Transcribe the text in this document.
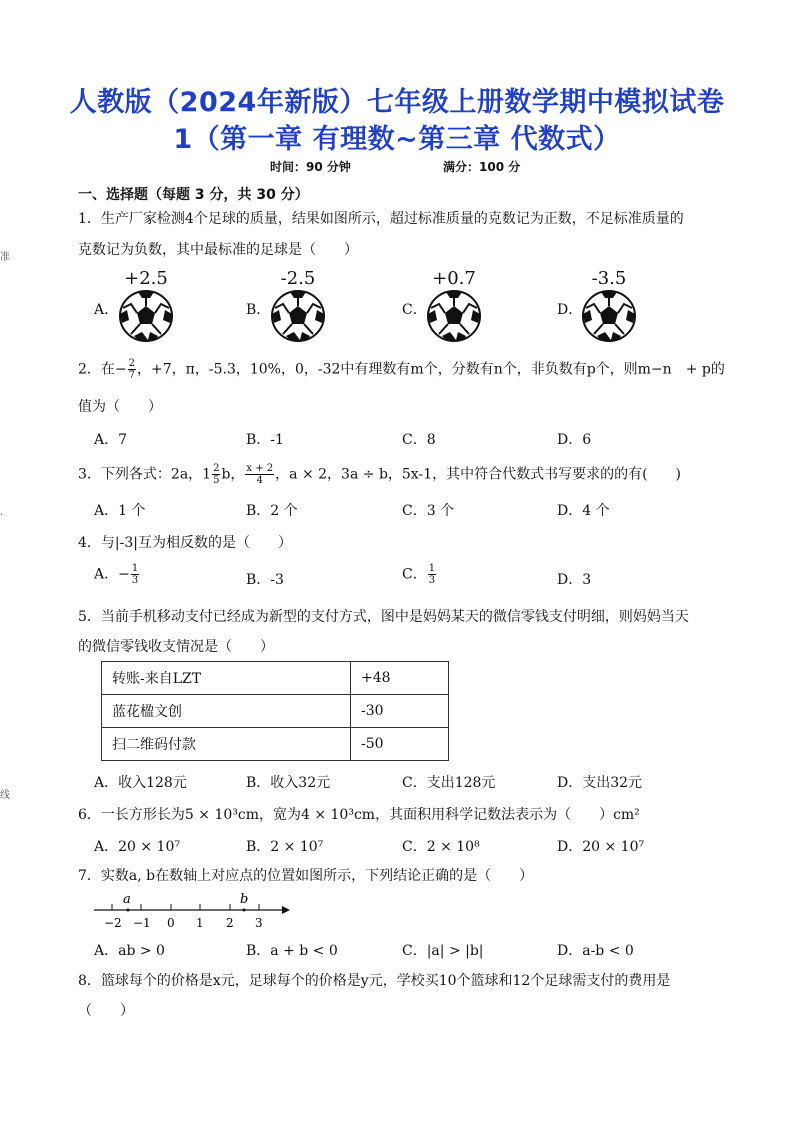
准
·
线
人教版（2024年新版）七年级上册数学期中模拟试卷
1（第一章 有理数~第三章 代数式）
时间：90 分钟	满分：100 分
一、选择题（每题 3 分，共 30 分）
1．生产厂家检测4个足球的质量，结果如图所示，超过标准质量的克数记为正数，不足标准质量的
克数记为负数，其中最标准的足球是（　　）
A．
+2.5
B．
-2.5
C．
+0.7
D．
-3.5
2．在− $\frac{2}{7}$ ，+7，π，-5.3，10%，0，-32中有理数有m个，分数有n个，非负数有p个，则m−n　+ p的
值为（　　）
A．7	B．-1	C．8	D．6
3．下列各式：2a，$1 \frac{2}{5}$ b， $\frac{x + 2}{4}$ ，a × 2，3a ÷ b，5x-1，其中符合代数式书写要求的的有(　　)
A．1 个	B．2 个	C．3 个	D．4 个
4．与|-3|互为相反数的是（　　）
A．− $\frac{1}{3}$	B．-3	C． $\frac{1}{3}$	D．3
5．当前手机移动支付已经成为新型的支付方式，图中是妈妈某天的微信零钱支付明细，则妈妈当天
的微信零钱收支情况是（　　）
转账-来自LZT	+48
蓝花楹文创	-30
扫二维码付款	-50
A．收入128元	B．收入32元	C．支出128元	D．支出32元
6．一长方形长为5 × 10³cm，宽为4 × 10³cm，其面积用科学记数法表示为（　　）cm²
A．20 × 10⁷	B．2 × 10⁷	C．2 × 10⁸	D．20 × 10⁷
7．实数a, b在数轴上对应点的位置如图所示，下列结论正确的是（　　）
a	b
−2 −1 0 1 2 3
A．ab > 0	B．a + b < 0	C．|a| > |b|	D．a-b < 0
8．篮球每个的价格是x元，足球每个的价格是y元，学校买10个篮球和12个足球需支付的费用是
（　　）
